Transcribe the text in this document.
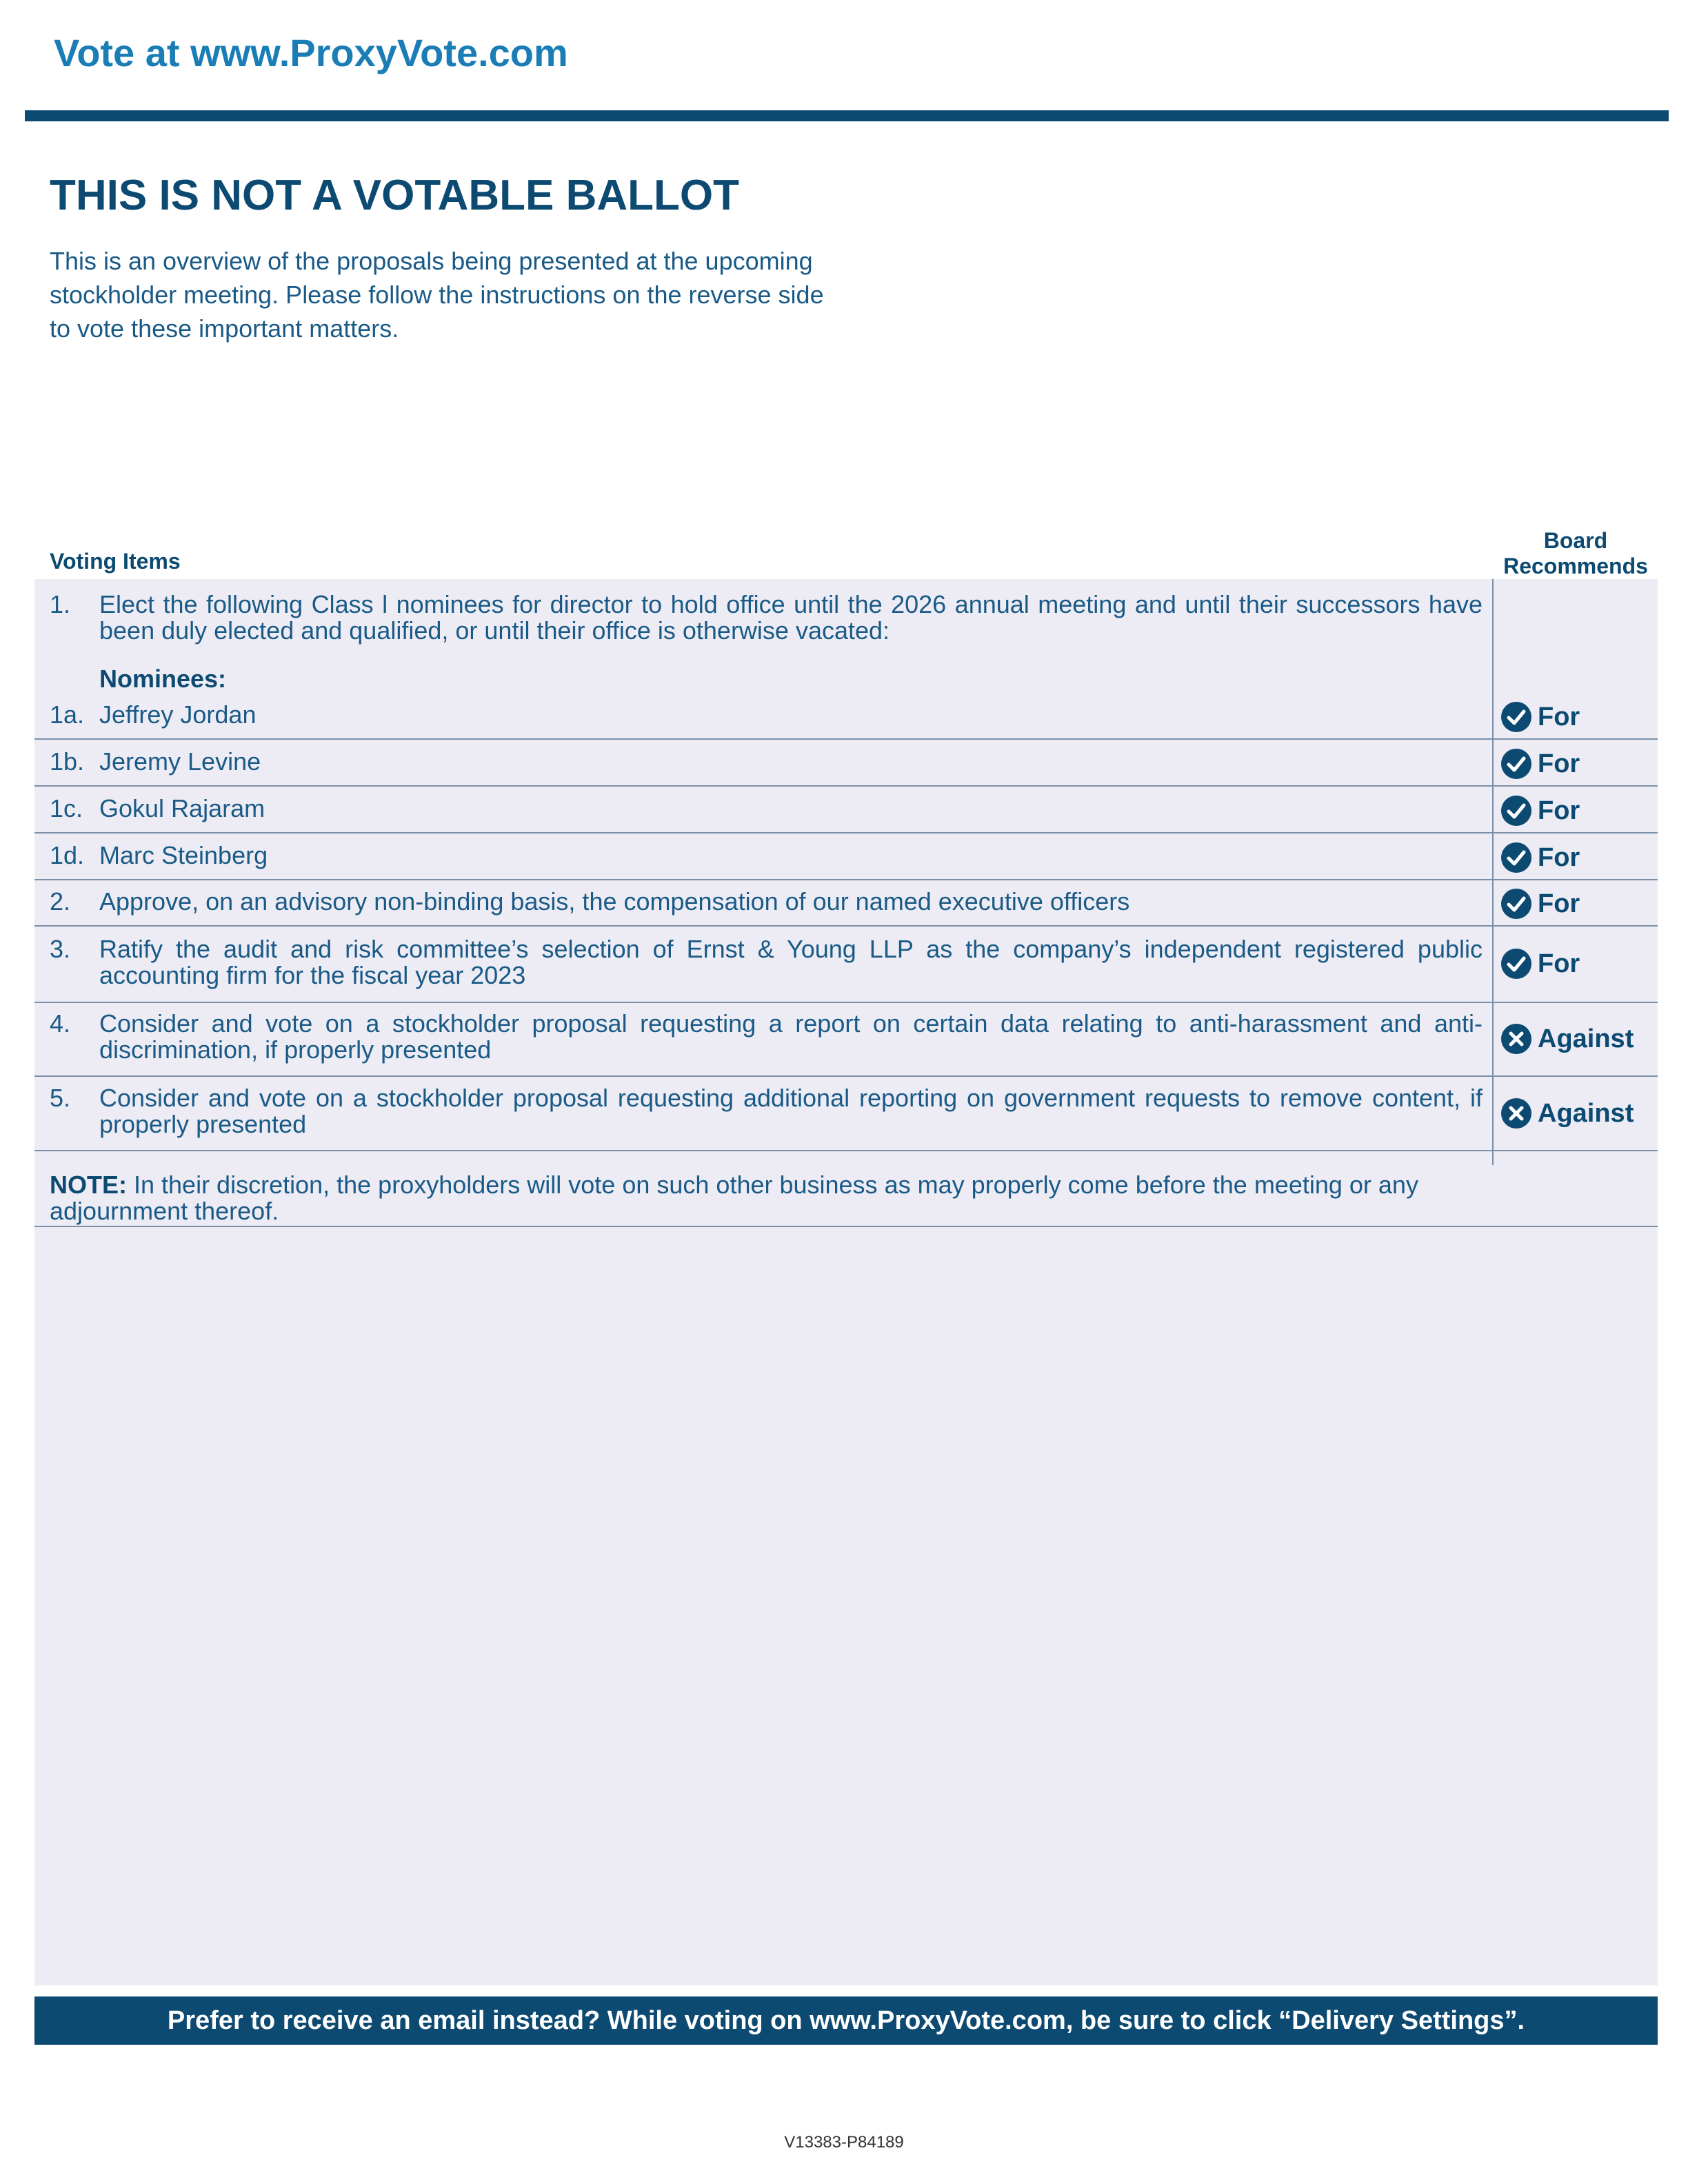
Vote at www.ProxyVote.com
THIS IS NOT A VOTABLE BALLOT
This is an overview of the proposals being presented at the upcoming stockholder meeting. Please follow the instructions on the reverse side to vote these important matters.
Voting Items
Board Recommends
1. Elect the following Class l nominees for director to hold office until the 2026 annual meeting and until their successors have been duly elected and qualified, or until their office is otherwise vacated:
Nominees:
1a. Jeffrey Jordan	For
1b. Jeremy Levine	For
1c. Gokul Rajaram	For
1d. Marc Steinberg	For
2. Approve, on an advisory non-binding basis, the compensation of our named executive officers	For
3. Ratify the audit and risk committee’s selection of Ernst & Young LLP as the company’s independent registered public accounting firm for the fiscal year 2023	For
4. Consider and vote on a stockholder proposal requesting a report on certain data relating to anti-harassment and anti-discrimination, if properly presented	Against
5. Consider and vote on a stockholder proposal requesting additional reporting on government requests to remove content, if properly presented	Against
NOTE: In their discretion, the proxyholders will vote on such other business as may properly come before the meeting or any adjournment thereof.
Prefer to receive an email instead? While voting on www.ProxyVote.com, be sure to click “Delivery Settings”.
V13383-P84189
